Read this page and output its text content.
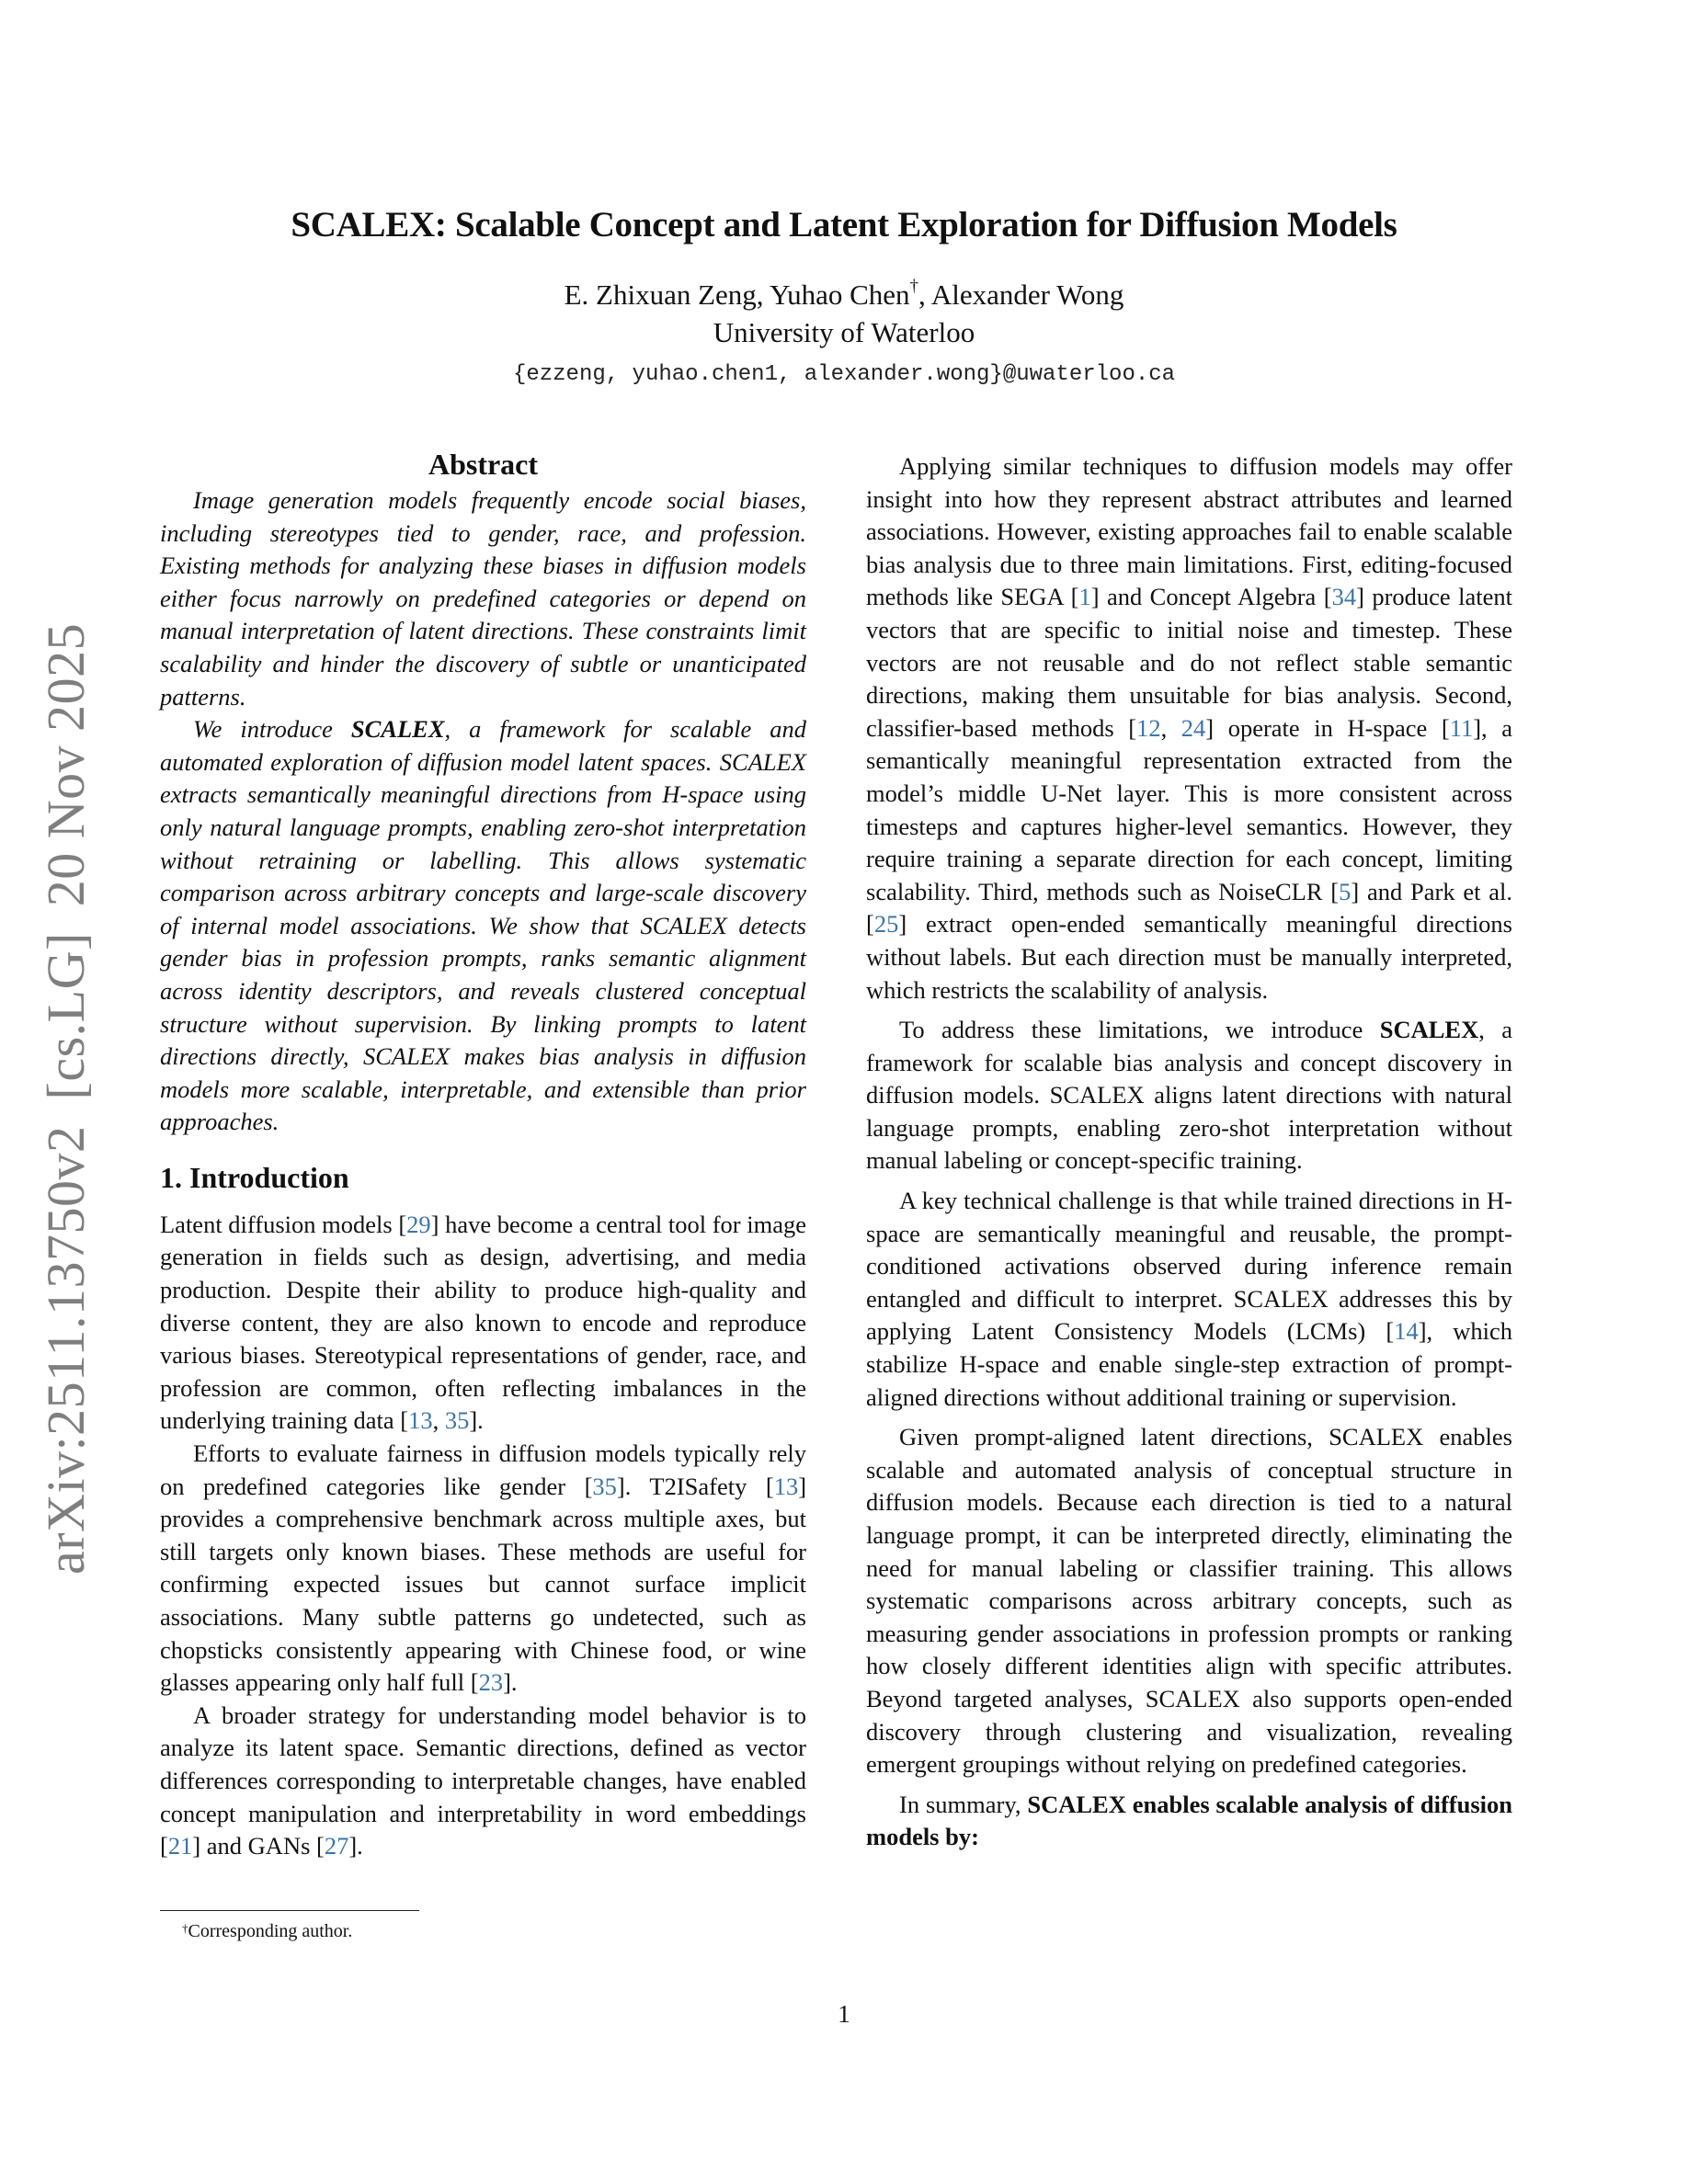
arXiv:2511.13750v2[cs.LG]20 Nov 2025
SCALEX: Scalable Concept and Latent Exploration for Diffusion Models
E. Zhixuan Zeng, Yuhao Chen†, Alexander Wong
University of Waterloo
{ezzeng, yuhao.chen1, alexander.wong}@uwaterloo.ca
Abstract

Image generation models frequently encode social biases, including stereotypes tied to gender, race, and profession. Existing methods for analyzing these biases in diffusion models either focus narrowly on predefined categories or depend on manual interpretation of latent directions. These constraints limit scalability and hinder the discovery of subtle or unanticipated patterns.

We introduce SCALEX, a framework for scalable and automated exploration of diffusion model latent spaces. SCALEX extracts semantically meaningful directions from H-space using only natural language prompts, enabling zero-shot interpretation without retraining or labelling. This allows systematic comparison across arbitrary concepts and large-scale discovery of internal model associations. We show that SCALEX detects gender bias in profession prompts, ranks semantic alignment across identity descriptors, and reveals clustered conceptual structure without supervision. By linking prompts to latent directions directly, SCALEX makes bias analysis in diffusion models more scalable, interpretable, and extensible than prior approaches.

1. Introduction

Latent diffusion models [29] have become a central tool for image generation in fields such as design, advertising, and media production. Despite their ability to produce high-quality and diverse content, they are also known to encode and reproduce various biases. Stereotypical representations of gender, race, and profession are common, often reflecting imbalances in the underlying training data [13, 35].

Efforts to evaluate fairness in diffusion models typically rely on predefined categories like gender [35]. T2ISafety [13] provides a comprehensive benchmark across multiple axes, but still targets only known biases. These methods are useful for confirming expected issues but cannot surface implicit associations. Many subtle patterns go undetected, such as chopsticks consistently appearing with Chinese food, or wine glasses appearing only half full [23].

A broader strategy for understanding model behavior is to analyze its latent space. Semantic directions, defined as vector differences corresponding to interpretable changes, have enabled concept manipulation and interpretability in word embeddings [21] and GANs [27].

†Corresponding author.

Applying similar techniques to diffusion models may offer insight into how they represent abstract attributes and learned associations. However, existing approaches fail to enable scalable bias analysis due to three main limitations. First, editing-focused methods like SEGA [1] and Concept Algebra [34] produce latent vectors that are specific to initial noise and timestep. These vectors are not reusable and do not reflect stable semantic directions, making them unsuitable for bias analysis. Second, classifier-based methods [12, 24] operate in H-space [11], a semantically meaningful representation extracted from the model’s middle U-Net layer. This is more consistent across timesteps and captures higher-level semantics. However, they require training a separate direction for each concept, limiting scalability. Third, methods such as NoiseCLR [5] and Park et al. [25] extract open-ended semantically meaningful directions without labels. But each direction must be manually interpreted, which restricts the scalability of analysis.

To address these limitations, we introduce SCALEX, a framework for scalable bias analysis and concept discovery in diffusion models. SCALEX aligns latent directions with natural language prompts, enabling zero-shot interpretation without manual labeling or concept-specific training.

A key technical challenge is that while trained directions in H-space are semantically meaningful and reusable, the prompt-conditioned activations observed during inference remain entangled and difficult to interpret. SCALEX addresses this by applying Latent Consistency Models (LCMs) [14], which stabilize H-space and enable single-step extraction of prompt-aligned directions without additional training or supervision.

Given prompt-aligned latent directions, SCALEX enables scalable and automated analysis of conceptual structure in diffusion models. Because each direction is tied to a natural language prompt, it can be interpreted directly, eliminating the need for manual labeling or classifier training. This allows systematic comparisons across arbitrary concepts, such as measuring gender associations in profession prompts or ranking how closely different identities align with specific attributes. Beyond targeted analyses, SCALEX also supports open-ended discovery through clustering and visualization, revealing emergent groupings without relying on predefined categories.

In summary, SCALEX enables scalable analysis of diffusion models by:

1
